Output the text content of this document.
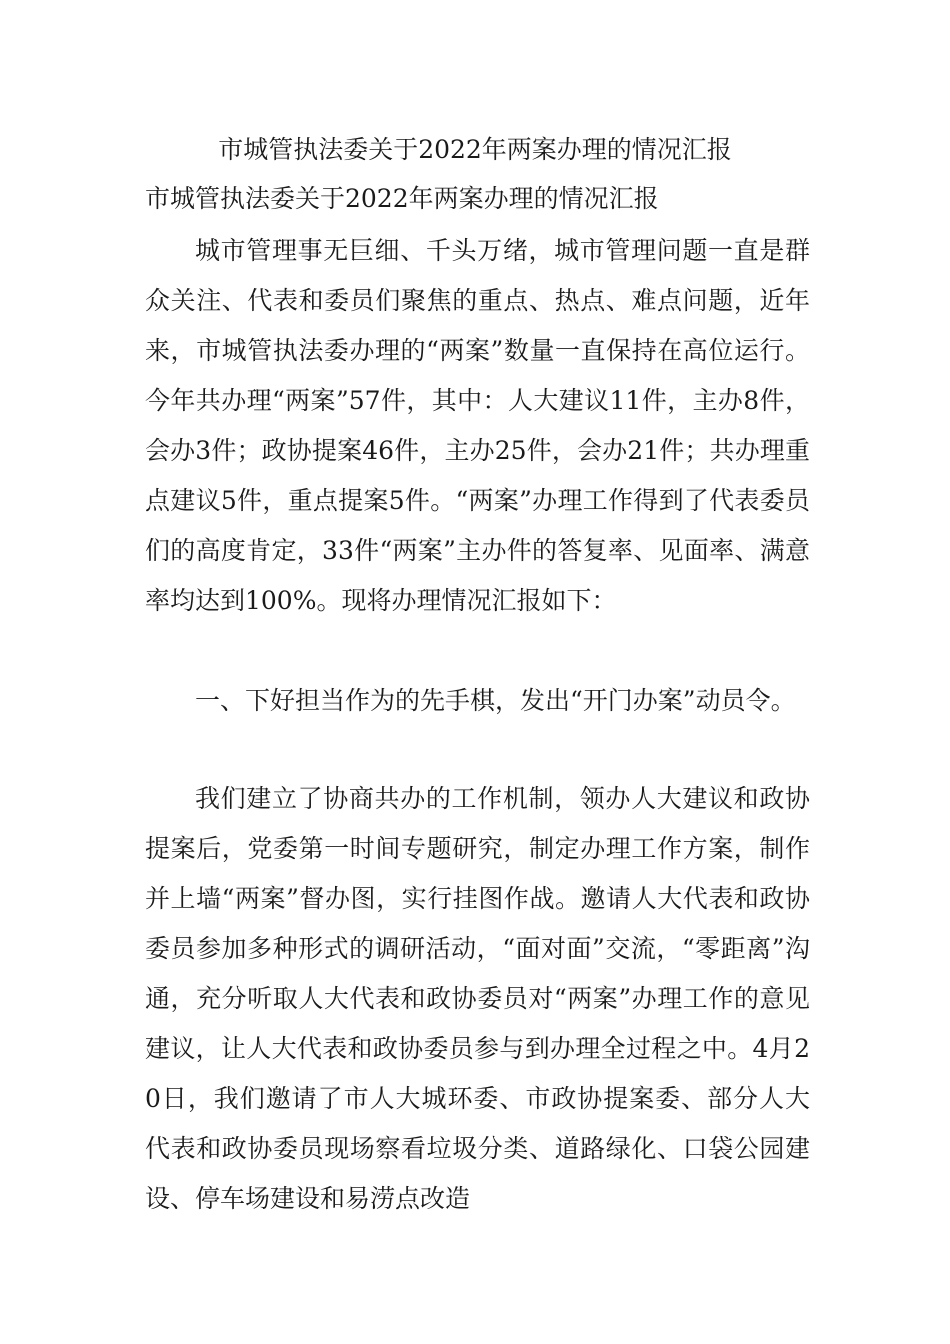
市城管执法委关于2022年两案办理的情况汇报
市城管执法委关于2022年两案办理的情况汇报

城市管理事无巨细、千头万绪，城市管理问题一直是群众关注、代表和委员们聚焦的重点、热点、难点问题，近年来，市城管执法委办理的“两案”数量一直保持在高位运行。今年共办理“两案”57件，其中：人大建议11件，主办8件，会办3件；政协提案46件，主办25件，会办21件；共办理重点建议5件，重点提案5件。“两案”办理工作得到了代表委员们的高度肯定，33件“两案”主办件的答复率、见面率、满意率均达到100%。现将办理情况汇报如下：

一、下好担当作为的先手棋，发出“开门办案”动员令。

我们建立了协商共办的工作机制，领办人大建议和政协提案后，党委第一时间专题研究，制定办理工作方案，制作并上墙“两案”督办图，实行挂图作战。邀请人大代表和政协委员参加多种形式的调研活动，“面对面”交流，“零距离”沟通，充分听取人大代表和政协委员对“两案”办理工作的意见建议，让人大代表和政协委员参与到办理全过程之中。4月20日，我们邀请了市人大城环委、市政协提案委、部分人大代表和政协委员现场察看垃圾分类、道路绿化、口袋公园建设、停车场建设和易涝点改造
